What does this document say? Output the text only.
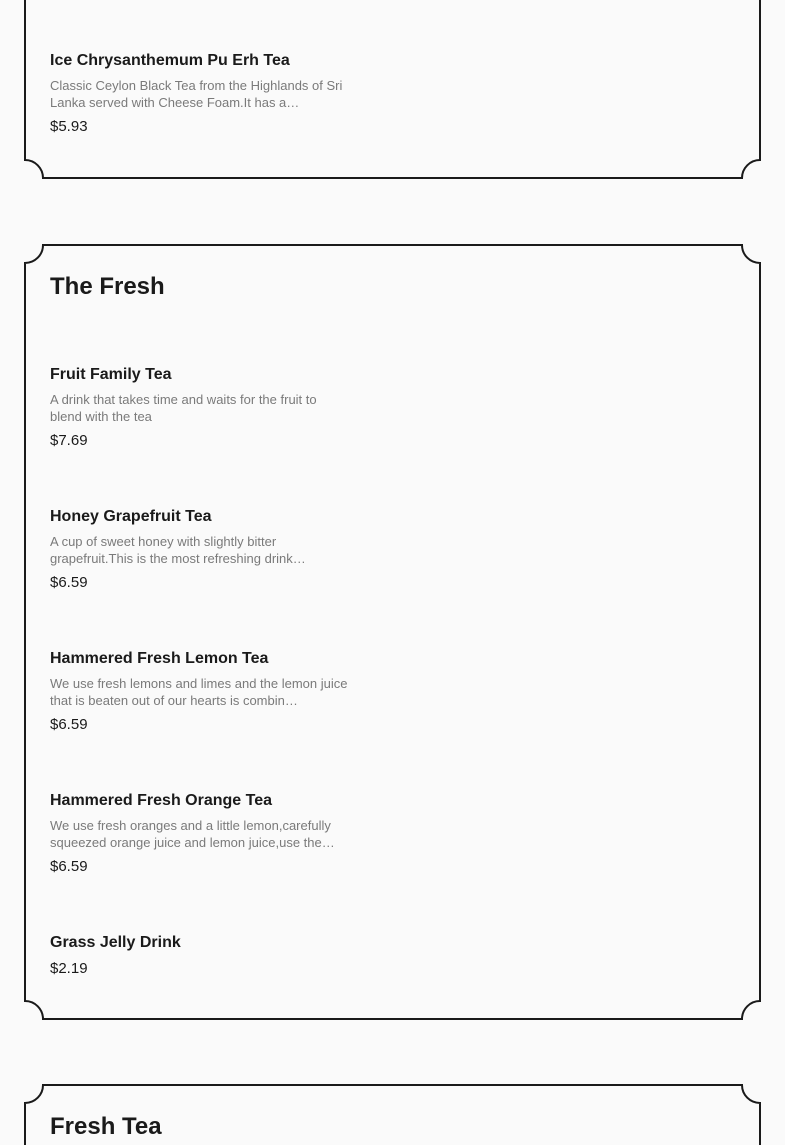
Ice Chrysanthemum Pu Erh Tea

Classic Ceylon Black Tea from the Highlands of Sri Lanka served with Cheese Foam.It has a…

$5.93

The Fresh

Fruit Family Tea

A drink that takes time and waits for the fruit to blend with the tea

$7.69

Honey Grapefruit Tea

A cup of sweet honey with slightly bitter grapefruit.This is the most refreshing drink…

$6.59

Hammered Fresh Lemon Tea

We use fresh lemons and limes and the lemon juice that is beaten out of our hearts is combin…

$6.59

Hammered Fresh Orange Tea

We use fresh oranges and a little lemon,carefully squeezed orange juice and lemon juice,use the…

$6.59

Grass Jelly Drink

$2.19

Fresh Tea
